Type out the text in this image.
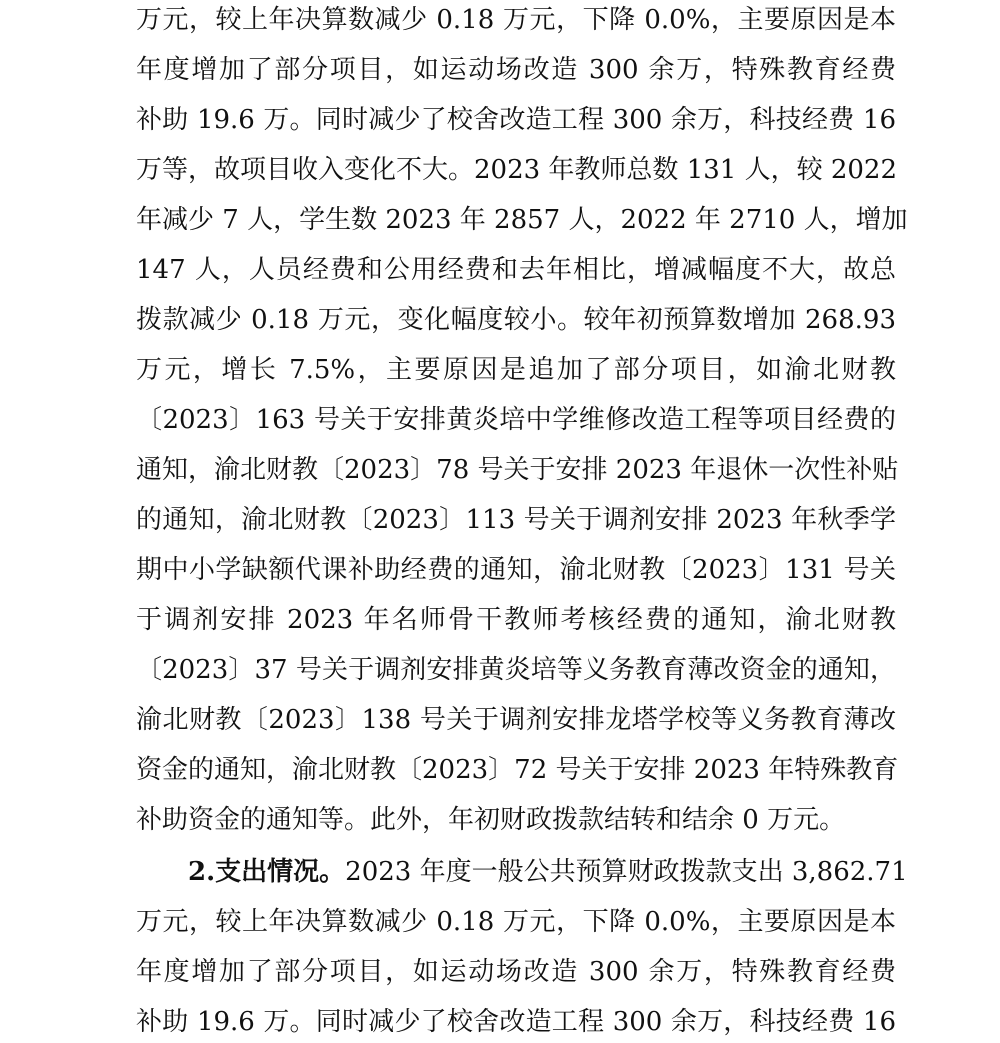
万元，较上年决算数减少 0.18 万元，下降 0.0%，主要原因是本
年度增加了部分项目，如运动场改造 300 余万，特殊教育经费
补助 19.6 万。同时减少了校舍改造工程 300 余万，科技经费 16
万等，故项目收入变化不大。2023 年教师总数 131 人，较 2022
年减少 7 人，学生数 2023 年 2857 人，2022 年 2710 人，增加
147 人，人员经费和公用经费和去年相比，增减幅度不大，故总
拨款减少 0.18 万元，变化幅度较小。较年初预算数增加 268.93
万元，增长 7.5%，主要原因是追加了部分项目，如渝北财教
〔2023〕163 号关于安排黄炎培中学维修改造工程等项目经费的
通知，渝北财教〔2023〕78 号关于安排 2023 年退休一次性补贴
的通知，渝北财教〔2023〕113 号关于调剂安排 2023 年秋季学
期中小学缺额代课补助经费的通知，渝北财教〔2023〕131 号关
于调剂安排 2023 年名师骨干教师考核经费的通知，渝北财教
〔2023〕37 号关于调剂安排黄炎培等义务教育薄改资金的通知，
渝北财教〔2023〕138 号关于调剂安排龙塔学校等义务教育薄改
资金的通知，渝北财教〔2023〕72 号关于安排 2023 年特殊教育
补助资金的通知等。此外，年初财政拨款结转和结余 0 万元。
2.支出情况。2023 年度一般公共预算财政拨款支出 3,862.71
万元，较上年决算数减少 0.18 万元，下降 0.0%，主要原因是本
年度增加了部分项目，如运动场改造 300 余万，特殊教育经费
补助 19.6 万。同时减少了校舍改造工程 300 余万，科技经费 16
